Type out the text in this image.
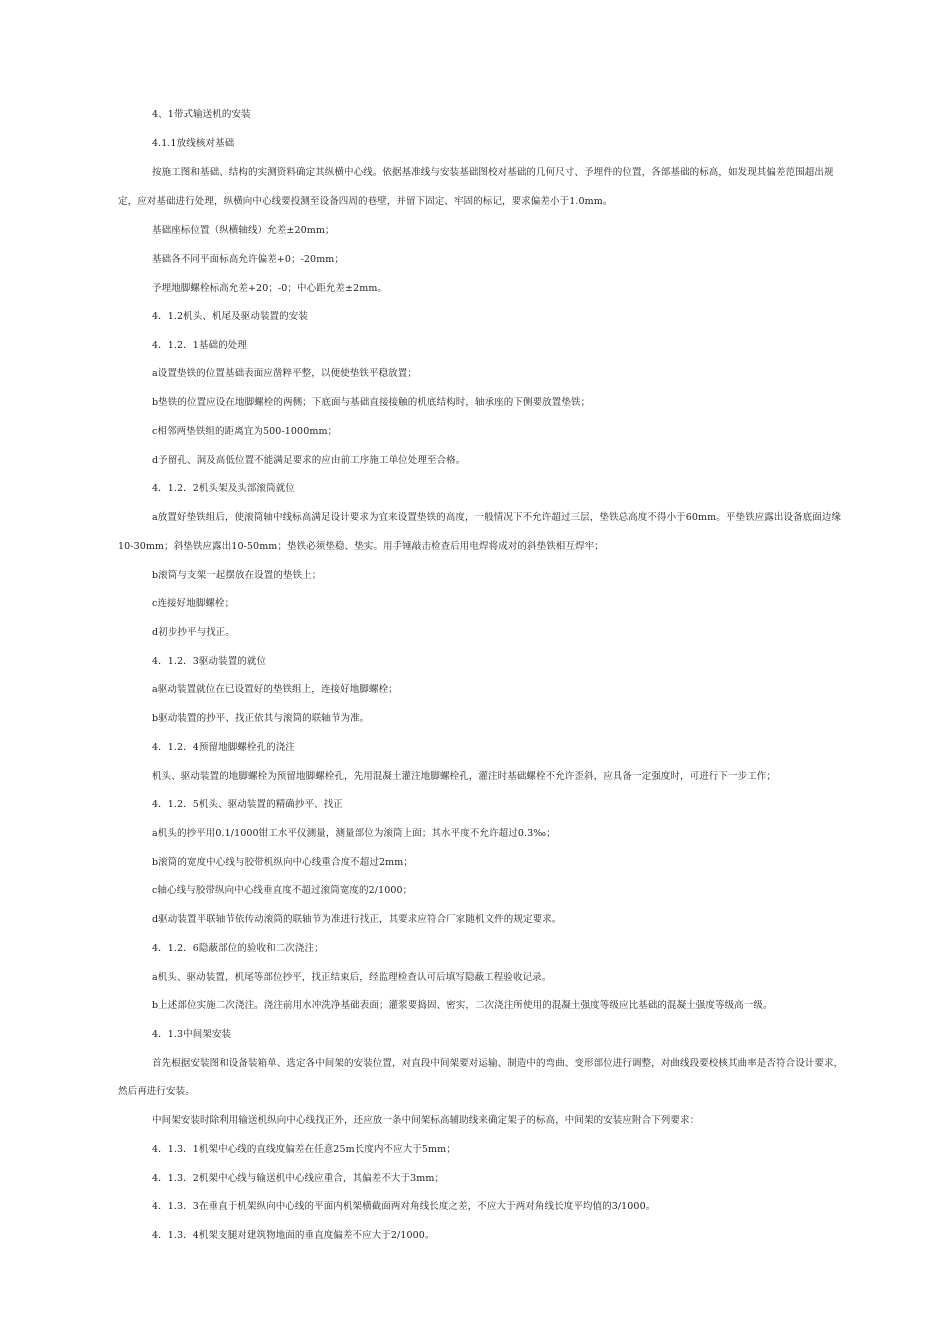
4、1带式输送机的安装
4.1.1放线核对基础
按施工图和基础、结构的实测资料确定其纵横中心线。依据基准线与安装基础图校对基础的几何尺寸、予埋件的位置，各部基础的标高，如发现其偏差范围超出规
定，应对基础进行处理，纵横向中心线要投测至设备四周的巷壁，并留下固定、牢固的标记，要求偏差小于1.0mm。
基础座标位置（纵横轴线）允差±20mm；
基础各不同平面标高允许偏差+0；-20mm；
予埋地脚螺栓标高允差+20；-0；中心距允差±2mm。
4．1.2机头、机尾及驱动装置的安装
4．1.2．1基础的处理
a设置垫铁的位置基础表面应凿粹平整，以便使垫铁平稳放置；
b垫铁的位置应设在地脚螺栓的两侧；下底面与基础直接接触的机底结构时，轴承座的下侧要放置垫铁；
c相邻两垫铁组的距离宜为500-1000mm；
d予留孔、洞及高低位置不能满足要求的应由前工序施工单位处理至合格。
4．1.2．2机头架及头部滚筒就位
a放置好垫铁组后，使滚筒轴中线标高满足设计要求为宜来设置垫铁的高度，一般情况下不允许超过三层，垫铁总高度不得小于60mm。平垫铁应露出设备底面边缘
10-30mm；斜垫铁应露出10-50mm；垫铁必须垫稳、垫实。用手锤敲击检查后用电焊将成对的斜垫铁相互焊牢；
b滚筒与支架一起摆放在设置的垫铁上；
c连接好地脚螺栓；
d初步抄平与找正。
4．1.2．3驱动装置的就位
a驱动装置就位在已设置好的垫铁组上，连接好地脚螺栓；
b驱动装置的抄平、找正依其与滚筒的联轴节为准。
4．1.2．4预留地脚螺栓孔的浇注
机头、驱动装置的地脚螺栓为预留地脚螺栓孔，先用混凝土灌注地脚螺栓孔，灌注时基础螺栓不允许歪斜，应具备一定强度时，可进行下一步工作；
4．1.2．5机头、驱动装置的精确抄平、找正
a机头的抄平用0.1/1000钳工水平仪测量，测量部位为滚筒上面；其水平度不允许超过0.3‰；
b滚筒的宽度中心线与胶带机纵向中心线重合度不超过2mm；
c轴心线与胶带纵向中心线垂直度不超过滚筒宽度的2/1000；
d驱动装置半联轴节依传动滚筒的联轴节为准进行找正，其要求应符合厂家随机文件的规定要求。
4．1.2．6隐蔽部位的验收和二次浇注；
a机头、驱动装置，机尾等部位抄平，找正结束后，经监理检查认可后填写隐蔽工程验收记录。
b上述部位实施二次浇注。浇注前用水冲洗净基础表面；灌浆要捣固、密实，二次浇注所使用的混凝土强度等级应比基础的混凝土强度等级高一级。
4．1.3中间架安装
首先根据安装图和设备装箱单、选定各中间架的安装位置，对直段中间架要对运输、制造中的弯曲、变形部位进行调整，对曲线段要校核其曲率是否符合设计要求，
然后再进行安装。
中间架安装时除利用输送机纵向中心线找正外，还应放一条中间架标高辅助线来确定架子的标高，中间架的安装应附合下列要求：
4．1.3．1机架中心线的直线度偏差在任意25m长度内不应大于5mm；
4．1.3．2机架中心线与输送机中心线应重合，其偏差不大于3mm；
4．1.3．3在垂直于机架纵向中心线的平面内机架横截面两对角线长度之差，不应大于两对角线长度平均值的3/1000。
4．1.3．4机架支腿对建筑物地面的垂直度偏差不应大于2/1000。
